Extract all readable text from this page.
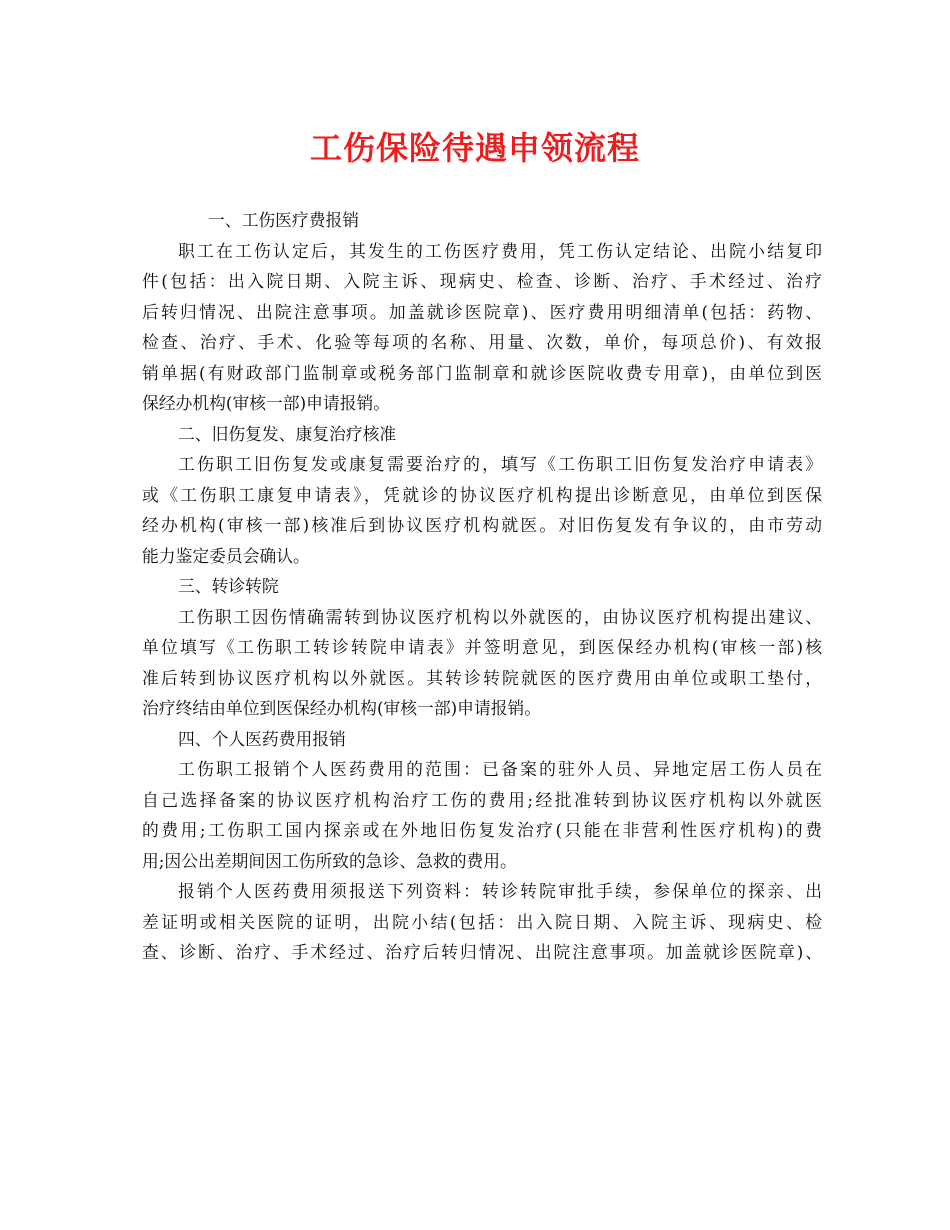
工伤保险待遇申领流程
一、工伤医疗费报销
职工在工伤认定后，其发生的工伤医疗费用，凭工伤认定结论、出院小结复印
件(包括：出入院日期、入院主诉、现病史、检查、诊断、治疗、手术经过、治疗
后转归情况、出院注意事项。加盖就诊医院章)、医疗费用明细清单(包括：药物、
检查、治疗、手术、化验等每项的名称、用量、次数，单价，每项总价)、有效报
销单据(有财政部门监制章或税务部门监制章和就诊医院收费专用章)，由单位到医
保经办机构(审核一部)申请报销。
二、旧伤复发、康复治疗核准
工伤职工旧伤复发或康复需要治疗的，填写《工伤职工旧伤复发治疗申请表》
或《工伤职工康复申请表》，凭就诊的协议医疗机构提出诊断意见，由单位到医保
经办机构(审核一部)核准后到协议医疗机构就医。对旧伤复发有争议的，由市劳动
能力鉴定委员会确认。
三、转诊转院
工伤职工因伤情确需转到协议医疗机构以外就医的，由协议医疗机构提出建议、
单位填写《工伤职工转诊转院申请表》并签明意见，到医保经办机构(审核一部)核
准后转到协议医疗机构以外就医。其转诊转院就医的医疗费用由单位或职工垫付，
治疗终结由单位到医保经办机构(审核一部)申请报销。
四、个人医药费用报销
工伤职工报销个人医药费用的范围：已备案的驻外人员、异地定居工伤人员在
自己选择备案的协议医疗机构治疗工伤的费用;经批准转到协议医疗机构以外就医
的费用;工伤职工国内探亲或在外地旧伤复发治疗(只能在非营利性医疗机构)的费
用;因公出差期间因工伤所致的急诊、急救的费用。
报销个人医药费用须报送下列资料：转诊转院审批手续，参保单位的探亲、出
差证明或相关医院的证明，出院小结(包括：出入院日期、入院主诉、现病史、检
查、诊断、治疗、手术经过、治疗后转归情况、出院注意事项。加盖就诊医院章)、
